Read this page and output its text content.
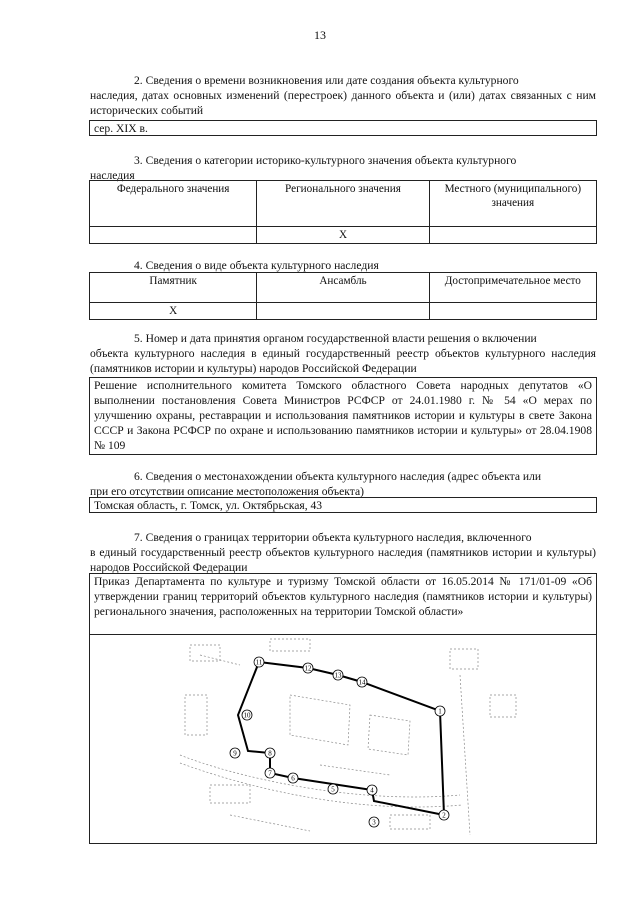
13
2. Сведения о времени возникновения или дате создания объекта культурного
наследия, датах основных изменений (перестроек) данного объекта и (или) датах связанных с ним исторических событий
сер. XIX в.
3. Сведения о категории историко-культурного значения объекта культурного
наследия
Федерального значения	Регионального значения	Местного (муниципального) значения
	X	
4. Сведения о виде объекта культурного наследия
Памятник	Ансамбль	Достопримечательное место
X		
5. Номер и дата принятия органом государственной власти решения о включении
объекта культурного наследия в единый государственный реестр объектов культурного наследия (памятников истории и культуры) народов Российской Федерации
Решение исполнительного комитета Томского областного Совета народных депутатов «О выполнении постановления Совета Министров РСФСР от 24.01.1980 г. № 54 «О мерах по улучшению охраны, реставрации и использования памятников истории и культуры в свете Закона СССР и Закона РСФСР по охране и использованию памятников истории и культуры» от 28.04.1908 № 109
6. Сведения о местонахождении объекта культурного наследия (адрес объекта или
при его отсутствии описание местоположения объекта)
Томская область, г. Томск, ул. Октябрьская, 43
7. Сведения о границах территории объекта культурного наследия, включенного
в единый государственный реестр объектов культурного наследия (памятников истории и культуры) народов Российской Федерации
Приказ Департамента по культуре и туризму Томской области от 16.05.2014 № 171/01-09 «Об утверждении границ территорий объектов культурного наследия (памятников истории и культуры) регионального значения, расположенных на территории Томской области»
1
2
3
4
5
6
7
8
9
10
11
12
13
14
